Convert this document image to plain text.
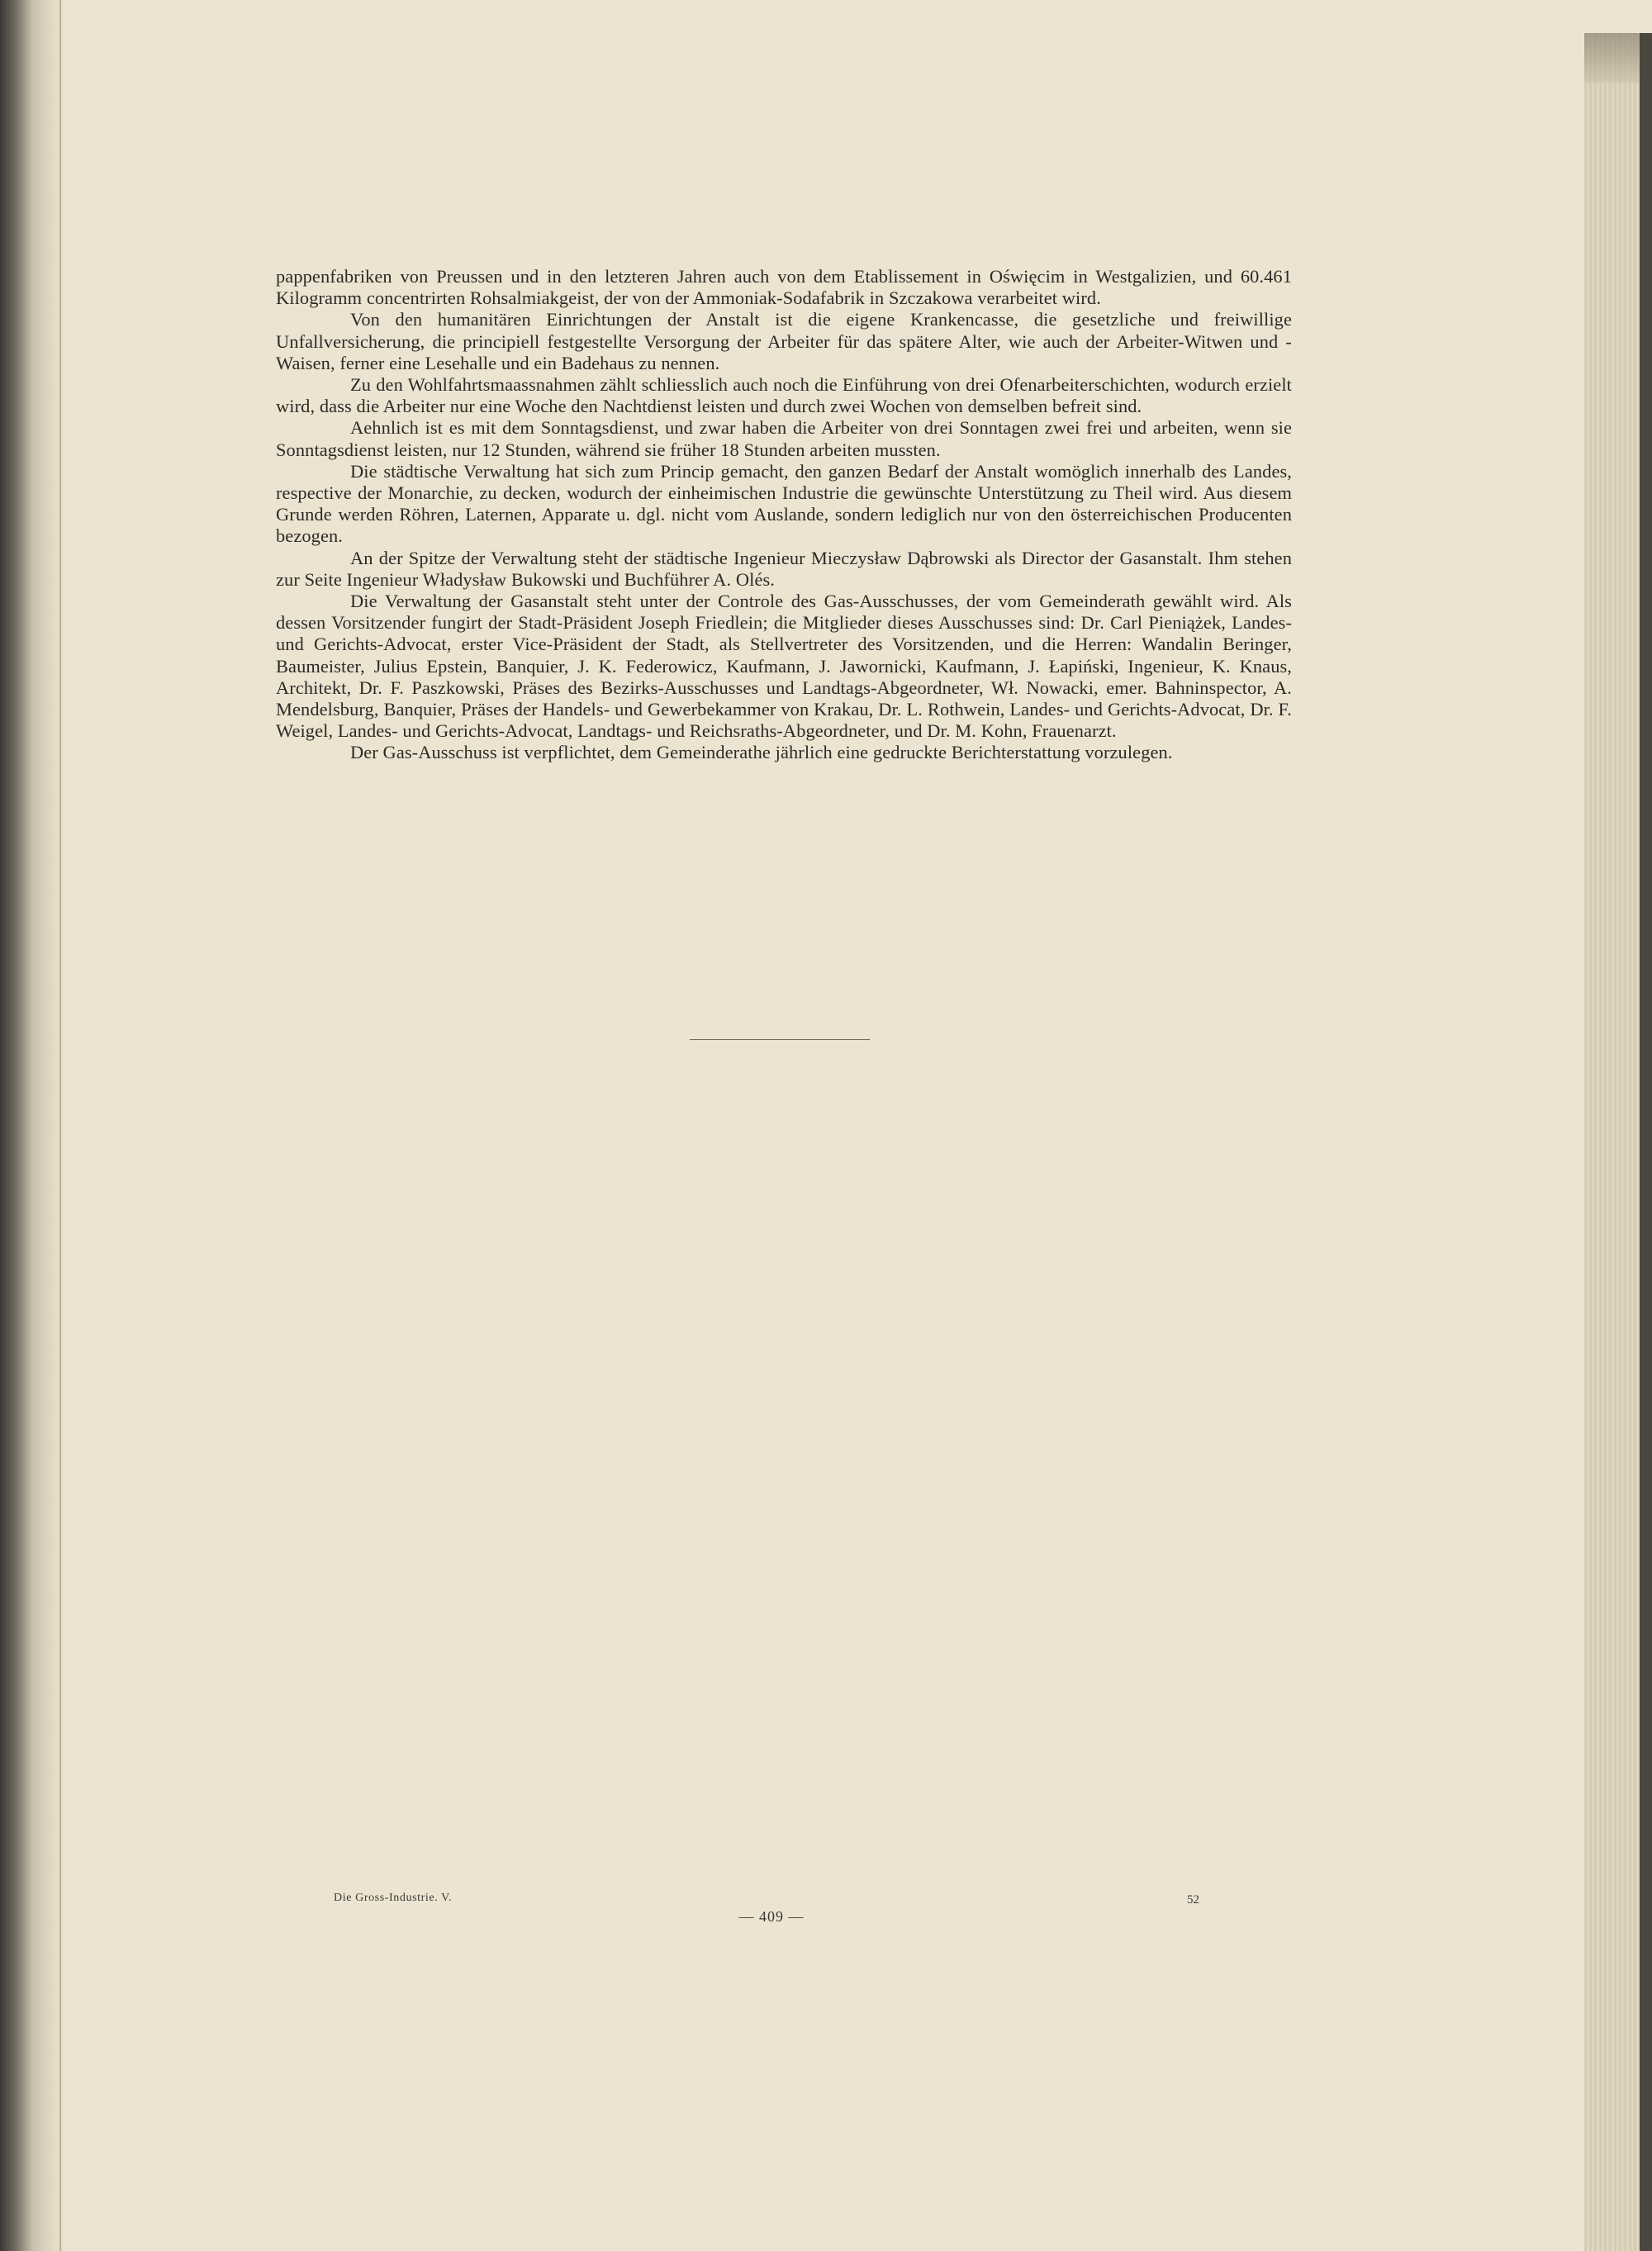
pappenfabriken von Preussen und in den letzteren Jahren auch von dem Etablissement in Oświęcim in Westgalizien, und 60.461 Kilogramm concentrirten Rohsalmiakgeist, der von der Ammoniak-Sodafabrik in Szczakowa verarbeitet wird.

Von den humanitären Einrichtungen der Anstalt ist die eigene Krankencasse, die gesetzliche und freiwillige Unfallversicherung, die principiell festgestellte Versorgung der Arbeiter für das spätere Alter, wie auch der Arbeiter-Witwen und -Waisen, ferner eine Lesehalle und ein Badehaus zu nennen.

Zu den Wohlfahrtsmaassnahmen zählt schliesslich auch noch die Einführung von drei Ofenarbeiterschichten, wodurch erzielt wird, dass die Arbeiter nur eine Woche den Nachtdienst leisten und durch zwei Wochen von demselben befreit sind.

Aehnlich ist es mit dem Sonntagsdienst, und zwar haben die Arbeiter von drei Sonntagen zwei frei und arbeiten, wenn sie Sonntagsdienst leisten, nur 12 Stunden, während sie früher 18 Stunden arbeiten mussten.

Die städtische Verwaltung hat sich zum Princip gemacht, den ganzen Bedarf der Anstalt womöglich innerhalb des Landes, respective der Monarchie, zu decken, wodurch der einheimischen Industrie die gewünschte Unterstützung zu Theil wird. Aus diesem Grunde werden Röhren, Laternen, Apparate u. dgl. nicht vom Auslande, sondern lediglich nur von den österreichischen Producenten bezogen.

An der Spitze der Verwaltung steht der städtische Ingenieur Mieczysław Dąbrowski als Director der Gasanstalt. Ihm stehen zur Seite Ingenieur Władysław Bukowski und Buchführer A. Olés.

Die Verwaltung der Gasanstalt steht unter der Controle des Gas-Ausschusses, der vom Gemeinderath gewählt wird. Als dessen Vorsitzender fungirt der Stadt-Präsident Joseph Friedlein; die Mitglieder dieses Ausschusses sind: Dr. Carl Pieniążek, Landes- und Gerichts-Advocat, erster Vice-Präsident der Stadt, als Stellvertreter des Vorsitzenden, und die Herren: Wandalin Beringer, Baumeister, Julius Epstein, Banquier, J. K. Federowicz, Kaufmann, J. Jawornicki, Kaufmann, J. Łapiński, Ingenieur, K. Knaus, Architekt, Dr. F. Paszkowski, Präses des Bezirks-Ausschusses und Landtags-Abgeordneter, Wł. Nowacki, emer. Bahninspector, A. Mendelsburg, Banquier, Präses der Handels- und Gewerbekammer von Krakau, Dr. L. Rothwein, Landes- und Gerichts-Advocat, Dr. F. Weigel, Landes- und Gerichts-Advocat, Landtags- und Reichsraths-Abgeordneter, und Dr. M. Kohn, Frauenarzt.

Der Gas-Ausschuss ist verpflichtet, dem Gemeinderathe jährlich eine gedruckte Berichterstattung vorzulegen.

Die Gross-Industrie. V.
— 409 —
52
